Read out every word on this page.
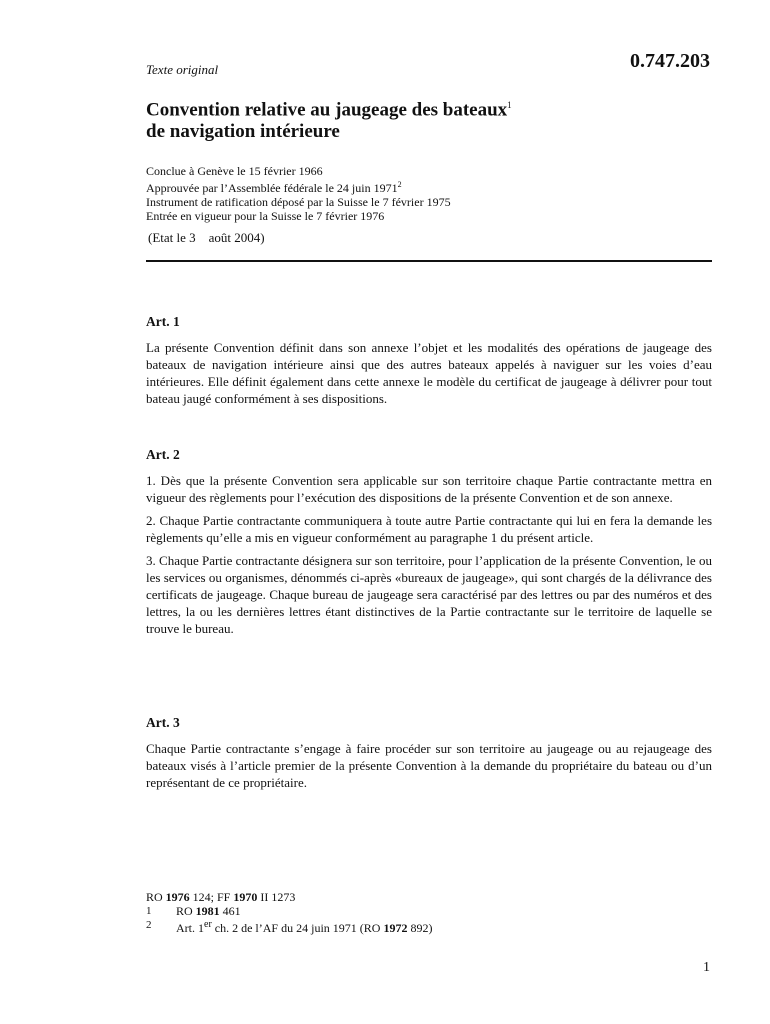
Texte original	0.747.203
Convention relative au jaugeage des bateaux$^1$
de navigation intérieure
Conclue à Genève le 15 février 1966
Approuvée par l’Assemblée fédérale le 24 juin 1971$^2$
Instrument de ratification déposé par la Suisse le 7 février 1975
Entrée en vigueur pour la Suisse le 7 février 1976
(Etat le 3    août 2004)
Art. 1

La présente Convention définit dans son annexe l’objet et les modalités des opérations de jaugeage des bateaux de navigation intérieure ainsi que des autres bateaux appelés à naviguer sur les voies d’eau intérieures. Elle définit également dans cette annexe le modèle du certificat de jaugeage à délivrer pour tout bateau jaugé conformément à ses dispositions.

Art. 2

1. Dès que la présente Convention sera applicable sur son territoire chaque Partie contractante mettra en vigueur des règlements pour l’exécution des dispositions de la présente Convention et de son annexe.

2. Chaque Partie contractante communiquera à toute autre Partie contractante qui lui en fera la demande les règlements qu’elle a mis en vigueur conformément au paragraphe 1 du présent article.

3. Chaque Partie contractante désignera sur son territoire, pour l’application de la présente Convention, le ou les services ou organismes, dénommés ci-après «bureaux de jaugeage», qui sont chargés de la délivrance des certificats de jaugeage. Chaque bureau de jaugeage sera caractérisé par des lettres ou par des numéros et des lettres, la ou les dernières lettres étant distinctives de la Partie contractante sur le territoire de laquelle se trouve le bureau.

Art. 3

Chaque Partie contractante s’engage à faire procéder sur son territoire au jaugeage ou au rejaugeage des bateaux visés à l’article premier de la présente Convention à la demande du propriétaire du bateau ou d’un représentant de ce propriétaire.

RO 1976 124; FF 1970 II 1273
1	RO 1981 461
2	Art. 1er ch. 2 de l’AF du 24 juin 1971 (RO 1972 892)
1
